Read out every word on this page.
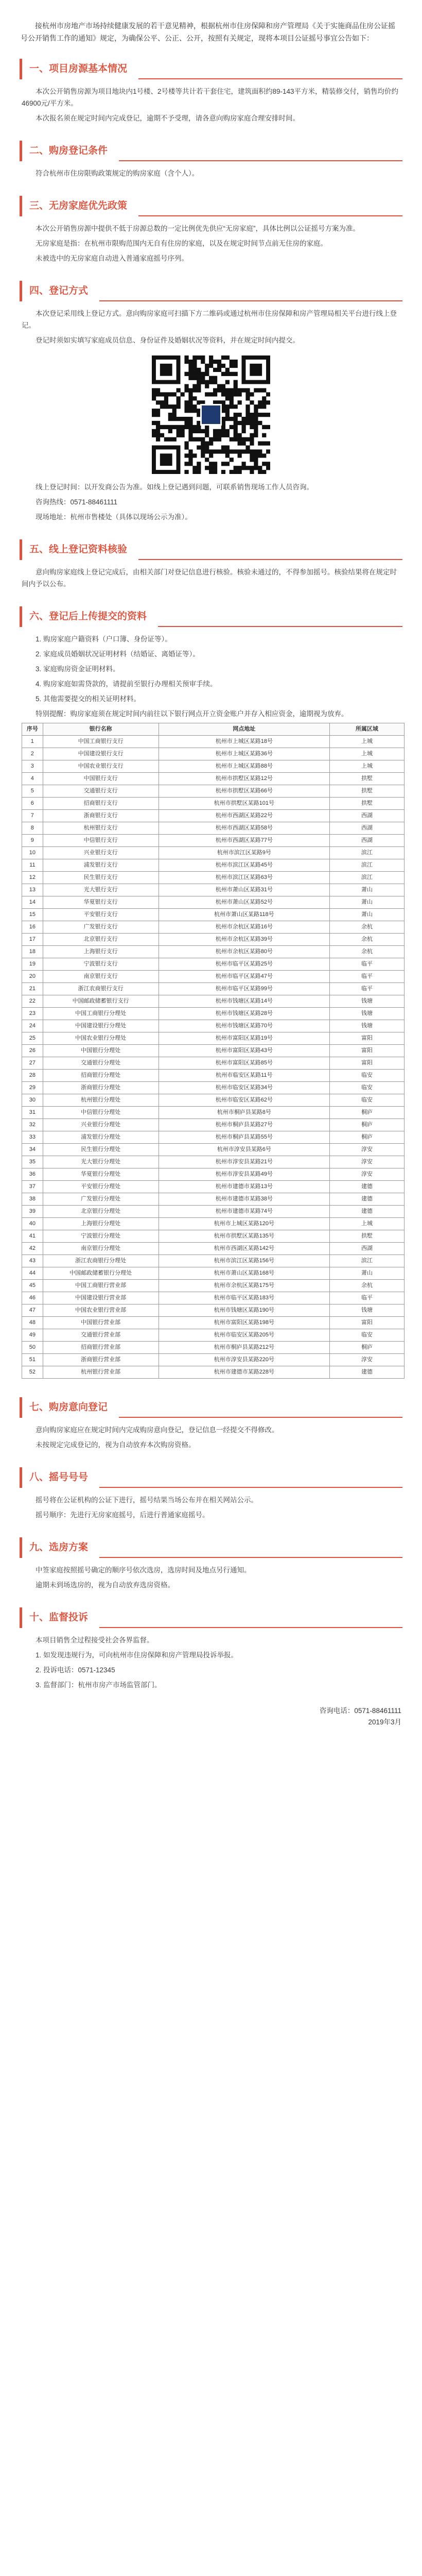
接杭州市房地产市场持续健康发展的若干意见精神，根据杭州市住房保障和房产管理局《关于实施商品住房公证摇号公开销售工作的通知》规定，为确保公平、公正、公开，按照有关规定，现将本项目公证摇号事宜公告如下：

一、项目房源基本情况

本次公开销售房源为项目地块内1号楼、2号楼等共计若干套住宅，建筑面积约89-143平方米，精装修交付，销售均价约46900元/平方米。

本次报名须在规定时间内完成登记，逾期不予受理，请各意向购房家庭合理安排时间。

二、购房登记条件

符合杭州市住房限购政策规定的购房家庭（含个人）。

三、无房家庭优先政策

本次公开销售房源中提供不低于房源总数的一定比例优先供应“无房家庭”，具体比例以公证摇号方案为准。

无房家庭是指：在杭州市限购范围内无自有住房的家庭，以及在规定时间节点前无住房的家庭。

未被选中的无房家庭自动进入普通家庭摇号序列。

四、登记方式

本次登记采用线上登记方式。意向购房家庭可扫描下方二维码或通过杭州市住房保障和房产管理局相关平台进行线上登记。

登记时须如实填写家庭成员信息、身份证件及婚姻状况等资料，并在规定时间内提交。

线上登记时间：以开发商公告为准。如线上登记遇到问题，可联系销售现场工作人员咨询。

咨询热线：0571-88461111

现场地址：杭州市售楼处（具体以现场公示为准）。

五、线上登记资料核验

意向购房家庭线上登记完成后，由相关部门对登记信息进行核验。核验未通过的，不得参加摇号。核验结果将在规定时间内予以公布。

六、登记后上传提交的资料

1. 购房家庭户籍资料（户口簿、身份证等）。

2. 家庭成员婚姻状况证明材料（结婚证、离婚证等）。

3. 家庭购房资金证明材料。

4. 购房家庭如需贷款的，请提前至银行办理相关预审手续。

5. 其他需要提交的相关证明材料。

特别提醒：购房家庭须在规定时间内前往以下银行网点开立资金账户并存入相应资金，逾期视为放弃。

序号	银行名称	网点地址	所属区域
1	中国工商银行支行	杭州市上城区某路18号	上城
2	中国建设银行支行	杭州市上城区某路36号	上城
3	中国农业银行支行	杭州市上城区某路88号	上城
4	中国银行支行	杭州市拱墅区某路12号	拱墅
5	交通银行支行	杭州市拱墅区某路66号	拱墅
6	招商银行支行	杭州市拱墅区某路101号	拱墅
7	浙商银行支行	杭州市西湖区某路22号	西湖
8	杭州银行支行	杭州市西湖区某路58号	西湖
9	中信银行支行	杭州市西湖区某路77号	西湖
10	兴业银行支行	杭州市滨江区某路9号	滨江
11	浦发银行支行	杭州市滨江区某路45号	滨江
12	民生银行支行	杭州市滨江区某路63号	滨江
13	光大银行支行	杭州市萧山区某路31号	萧山
14	华夏银行支行	杭州市萧山区某路52号	萧山
15	平安银行支行	杭州市萧山区某路118号	萧山
16	广发银行支行	杭州市余杭区某路16号	余杭
17	北京银行支行	杭州市余杭区某路39号	余杭
18	上海银行支行	杭州市余杭区某路80号	余杭
19	宁波银行支行	杭州市临平区某路25号	临平
20	南京银行支行	杭州市临平区某路47号	临平
21	浙江农商银行支行	杭州市临平区某路99号	临平
22	中国邮政储蓄银行支行	杭州市钱塘区某路14号	钱塘
23	中国工商银行分理处	杭州市钱塘区某路28号	钱塘
24	中国建设银行分理处	杭州市钱塘区某路70号	钱塘
25	中国农业银行分理处	杭州市富阳区某路19号	富阳
26	中国银行分理处	杭州市富阳区某路43号	富阳
27	交通银行分理处	杭州市富阳区某路85号	富阳
28	招商银行分理处	杭州市临安区某路11号	临安
29	浙商银行分理处	杭州市临安区某路34号	临安
30	杭州银行分理处	杭州市临安区某路62号	临安
31	中信银行分理处	杭州市桐庐县某路8号	桐庐
32	兴业银行分理处	杭州市桐庐县某路27号	桐庐
33	浦发银行分理处	杭州市桐庐县某路55号	桐庐
34	民生银行分理处	杭州市淳安县某路6号	淳安
35	光大银行分理处	杭州市淳安县某路21号	淳安
36	华夏银行分理处	杭州市淳安县某路49号	淳安
37	平安银行分理处	杭州市建德市某路13号	建德
38	广发银行分理处	杭州市建德市某路38号	建德
39	北京银行分理处	杭州市建德市某路74号	建德
40	上海银行分理处	杭州市上城区某路120号	上城
41	宁波银行分理处	杭州市拱墅区某路135号	拱墅
42	南京银行分理处	杭州市西湖区某路142号	西湖
43	浙江农商银行分理处	杭州市滨江区某路156号	滨江
44	中国邮政储蓄银行分理处	杭州市萧山区某路168号	萧山
45	中国工商银行营业部	杭州市余杭区某路175号	余杭
46	中国建设银行营业部	杭州市临平区某路183号	临平
47	中国农业银行营业部	杭州市钱塘区某路190号	钱塘
48	中国银行营业部	杭州市富阳区某路198号	富阳
49	交通银行营业部	杭州市临安区某路205号	临安
50	招商银行营业部	杭州市桐庐县某路212号	桐庐
51	浙商银行营业部	杭州市淳安县某路220号	淳安
52	杭州银行营业部	杭州市建德市某路228号	建德
七、购房意向登记

意向购房家庭应在规定时间内完成购房意向登记，登记信息一经提交不得修改。

未按规定完成登记的，视为自动放弃本次购房资格。

八、摇号号号

摇号将在公证机构的公证下进行，摇号结果当场公布并在相关网站公示。

摇号顺序：先进行无房家庭摇号，后进行普通家庭摇号。

九、选房方案

中签家庭按照摇号确定的顺序号依次选房，选房时间及地点另行通知。

逾期未到场选房的，视为自动放弃选房资格。

十、监督投诉

本项目销售全过程接受社会各界监督。

1. 如发现违规行为，可向杭州市住房保障和房产管理局投诉举报。

2. 投诉电话：0571-12345

3. 监督部门：杭州市房产市场监管部门。

咨询电话：0571-88461111
2019年3月
